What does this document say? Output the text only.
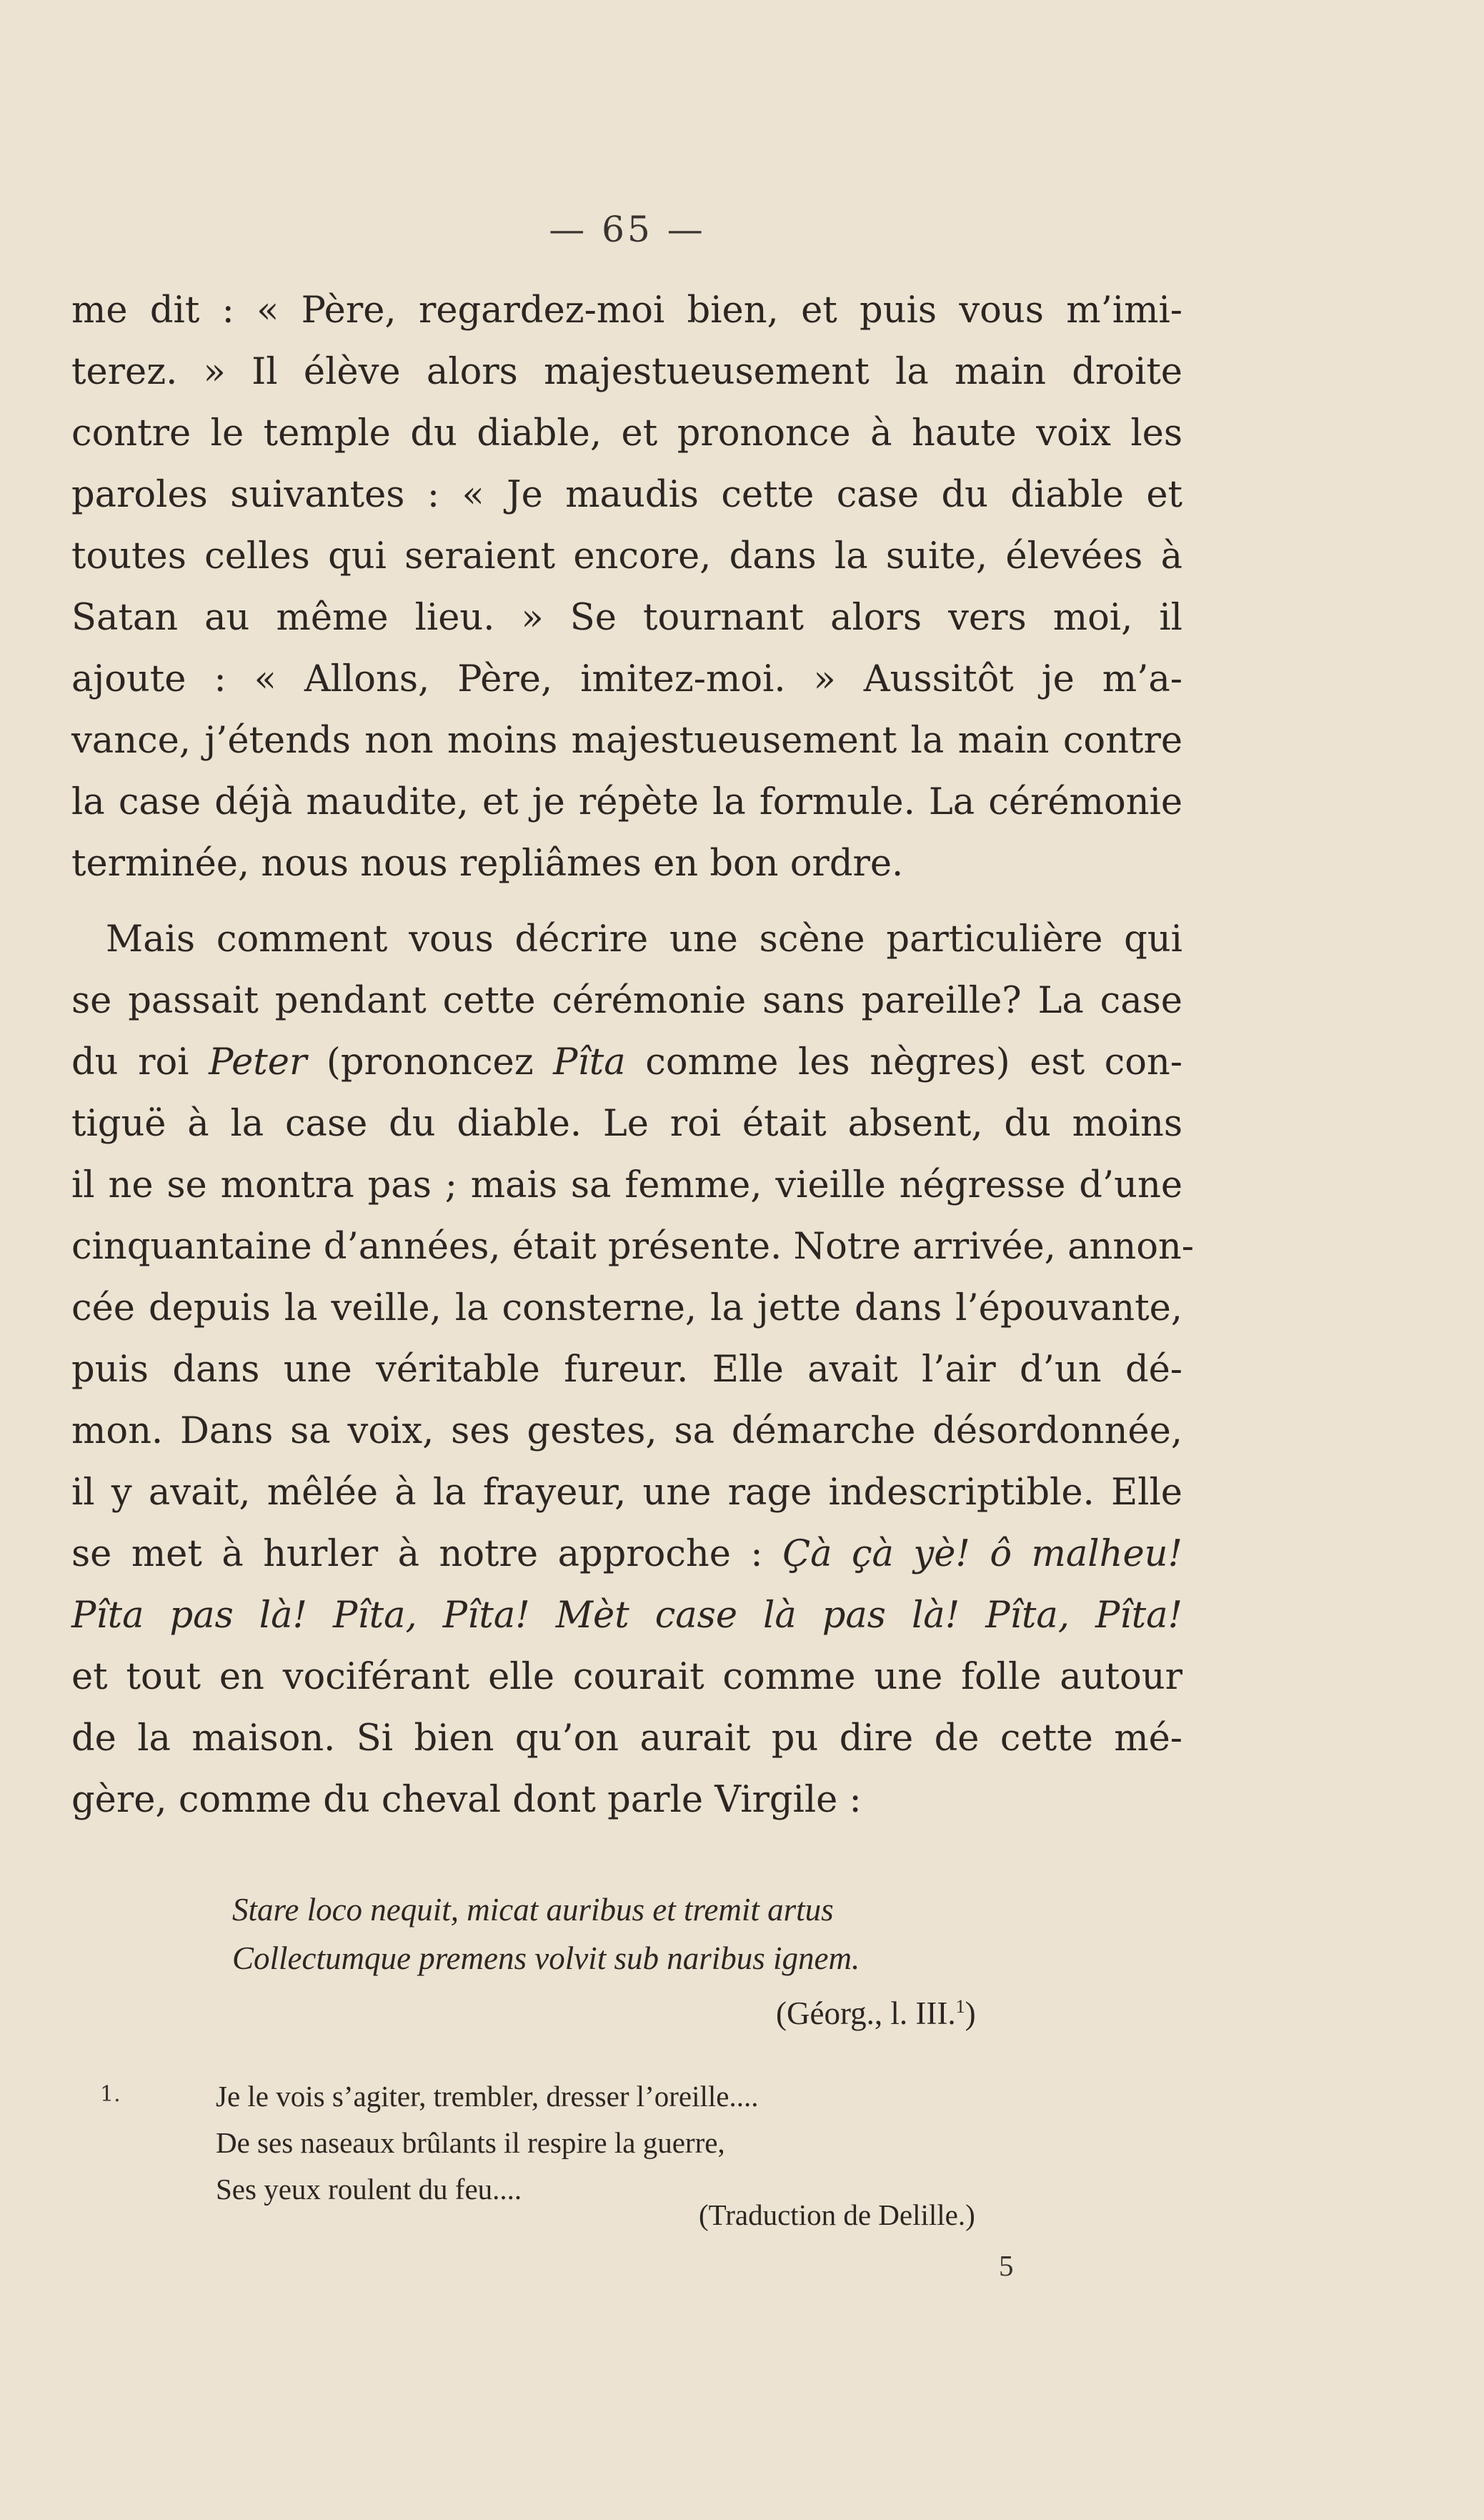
— 65 —
me dit : « Père, regardez-moi bien, et puis vous m’imi-
terez. » Il élève alors majestueusement la main droite
contre le temple du diable, et prononce à haute voix les
paroles suivantes : « Je maudis cette case du diable et
toutes celles qui seraient encore, dans la suite, élevées à
Satan au même lieu. » Se tournant alors vers moi, il
ajoute : « Allons, Père, imitez-moi. » Aussitôt je m’a-
vance, j’étends non moins majestueusement la main contre
la case déjà maudite, et je répète la formule. La cérémonie
terminée, nous nous repliâmes en bon ordre.
Mais comment vous décrire une scène particulière qui
se passait pendant cette cérémonie sans pareille? La case
du roi Peter (prononcez Pîta comme les nègres) est con-
tiguë à la case du diable. Le roi était absent, du moins
il ne se montra pas ; mais sa femme, vieille négresse d’une
cinquantaine d’années, était présente. Notre arrivée, annon-
cée depuis la veille, la consterne, la jette dans l’épouvante,
puis dans une véritable fureur. Elle avait l’air d’un dé-
mon. Dans sa voix, ses gestes, sa démarche désordonnée,
il y avait, mêlée à la frayeur, une rage indescriptible. Elle
se met à hurler à notre approche : Çà çà yè! ô malheu!
Pîta pas là! Pîta, Pîta! Mèt case là pas là! Pîta, Pîta!
et tout en vociférant elle courait comme une folle autour
de la maison. Si bien qu’on aurait pu dire de cette mé-
gère, comme du cheval dont parle Virgile :
Stare loco nequit, micat auribus et tremit artus
Collectumque premens volvit sub naribus ignem.
(Géorg., l. III.$^1$)
1.	Je le vois s’agiter, trembler, dresser l’oreille....
De ses naseaux brûlants il respire la guerre,
Ses yeux roulent du feu....
(Traduction de Delille.)
5
